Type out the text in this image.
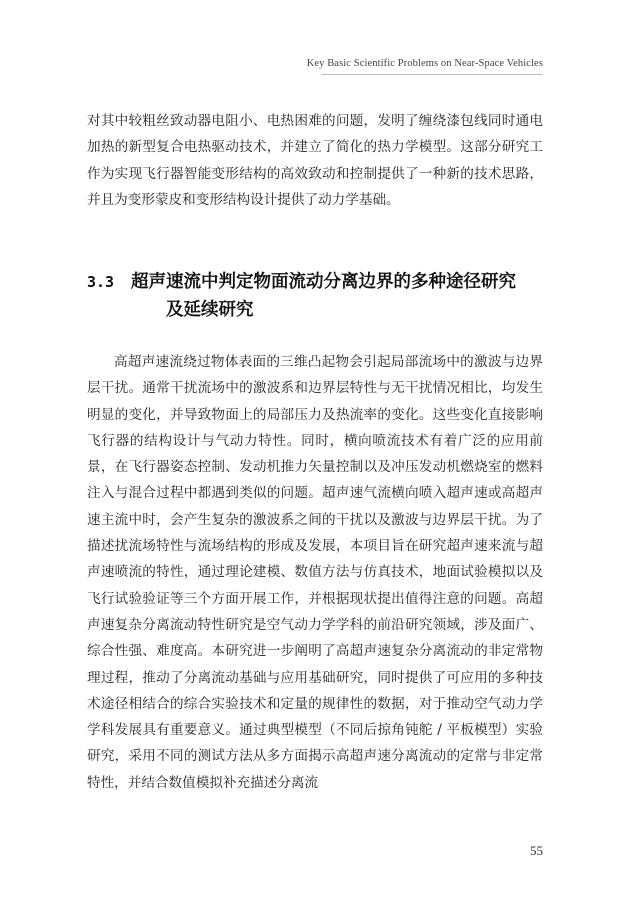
Key Basic Scientific Problems on Near-Space Vehicles

对其中较粗丝致动器电阻小、电热困难的问题，发明了缠绕漆包线同时通电加热的新型复合电热驱动技术，并建立了简化的热力学模型。这部分研究工作为实现飞行器智能变形结构的高效致动和控制提供了一种新的技术思路，并且为变形蒙皮和变形结构设计提供了动力学基础。

3.3 超声速流中判定物面流动分离边界的多种途径研究
及延续研究

高超声速流绕过物体表面的三维凸起物会引起局部流场中的激波与边界层干扰。通常干扰流场中的激波系和边界层特性与无干扰情况相比，均发生明显的变化，并导致物面上的局部压力及热流率的变化。这些变化直接影响飞行器的结构设计与气动力特性。同时，横向喷流技术有着广泛的应用前景，在飞行器姿态控制、发动机推力矢量控制以及冲压发动机燃烧室的燃料注入与混合过程中都遇到类似的问题。超声速气流横向喷入超声速或高超声速主流中时，会产生复杂的激波系之间的干扰以及激波与边界层干扰。为了描述扰流场特性与流场结构的形成及发展，本项目旨在研究超声速来流与超声速喷流的特性，通过理论建模、数值方法与仿真技术，地面试验模拟以及飞行试验验证等三个方面开展工作，并根据现状提出值得注意的问题。高超声速复杂分离流动特性研究是空气动力学学科的前沿研究领域，涉及面广、综合性强、难度高。本研究进一步阐明了高超声速复杂分离流动的非定常物理过程，推动了分离流动基础与应用基础研究，同时提供了可应用的多种技术途径相结合的综合实验技术和定量的规律性的数据，对于推动空气动力学学科发展具有重要意义。通过典型模型（不同后掠角钝舵 / 平板模型）实验研究，采用不同的测试方法从多方面揭示高超声速分离流动的定常与非定常特性，并结合数值模拟补充描述分离流

55
